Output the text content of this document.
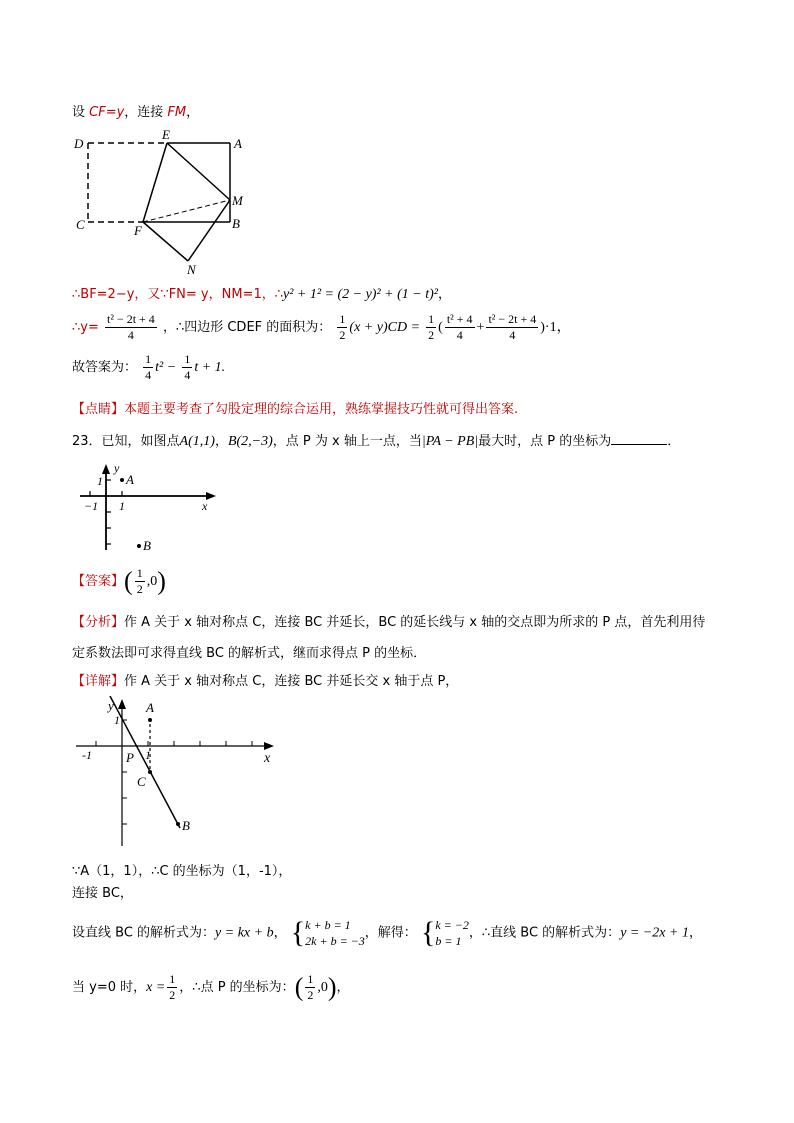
设 CF=y，连接 FM，
D
E
A
M
C	F	B
N
∴BF=2−y，又∵FN= y，NM=1，∴y² + 1² = (2 − y)² + (1 − t)²，
∴y= $\frac{\text{t² − 2t + 4}}{4}$ ，∴四边形 CDEF 的面积为： $\frac{1}{2} (x + y)CD = \frac{1}{2}$ ( $\frac{\text{t² + 4}}{4} + \frac{\text{t² − 2t + 4}}{4} )\cdot 1$，
故答案为： $\frac{1}{4} t^2 - \frac{1}{4}$ t + 1.
【点睛】本题主要考查了勾股定理的综合运用，熟练掌握技巧性就可得出答案.
23．已知，如图点A(1,1)，B(2,−3)，点 P 为 x 轴上一点，当|PA − PB|最大时，点 P 的坐标为	．
y
x
1
−1 1
A
B
【答案】( $\frac{1}{2} ,0$)
【分析】作 A 关于 x 轴对称点 C，连接 BC 并延长，BC 的延长线与 x 轴的交点即为所求的 P 点，首先利用待
定系数法即可求得直线 BC 的解析式，继而求得点 P 的坐标．
【详解】作 A 关于 x 轴对称点 C，连接 BC 并延长交 x 轴于点 P，
y
1
A
-1	P 1	x
C
B
∵A（1，1），∴C 的坐标为（1，-1），
连接 BC，
设直线 BC 的解析式为：y = kx + b， { k + b = 1
2k + b = −3
，解得： { k = −2
b = 1
，∴直线 BC 的解析式为：y = −2x + 1，
当 y=0 时，$x = \frac{1}{2}$ ，∴点 P 的坐标为：( $\frac{1}{2} ,0$)，
